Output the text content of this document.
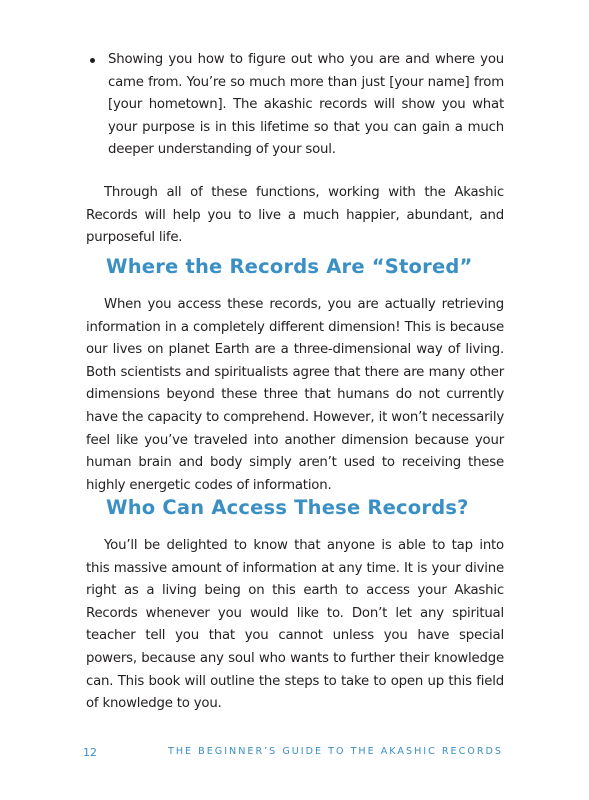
Showing you how to figure out who you are and where you came from. You’re so much more than just [your name] from [your hometown]. The akashic records will show you what your purpose is in this lifetime so that you can gain a much deeper understanding of your soul.

Through all of these functions, working with the Akashic Records will help you to live a much happier, abundant, and purposeful life.

Where the Records Are “Stored”

When you access these records, you are actually retrieving information in a completely different dimension! This is because our lives on planet Earth are a three-dimensional way of living. Both scientists and spiritualists agree that there are many other dimensions beyond these three that humans do not currently have the capacity to comprehend. However, it won’t necessarily feel like you’ve traveled into another dimension because your human brain and body simply aren’t used to receiving these highly energetic codes of information.

Who Can Access These Records?

You’ll be delighted to know that anyone is able to tap into this massive amount of information at any time. It is your divine right as a living being on this earth to access your Akashic Records whenever you would like to. Don’t let any spiritual teacher tell you that you cannot unless you have special powers, because any soul who wants to further their knowledge can. This book will outline the steps to take to open up this field of knowledge to you.

12	THE BEGINNER’S GUIDE TO THE AKASHIC RECORDS
